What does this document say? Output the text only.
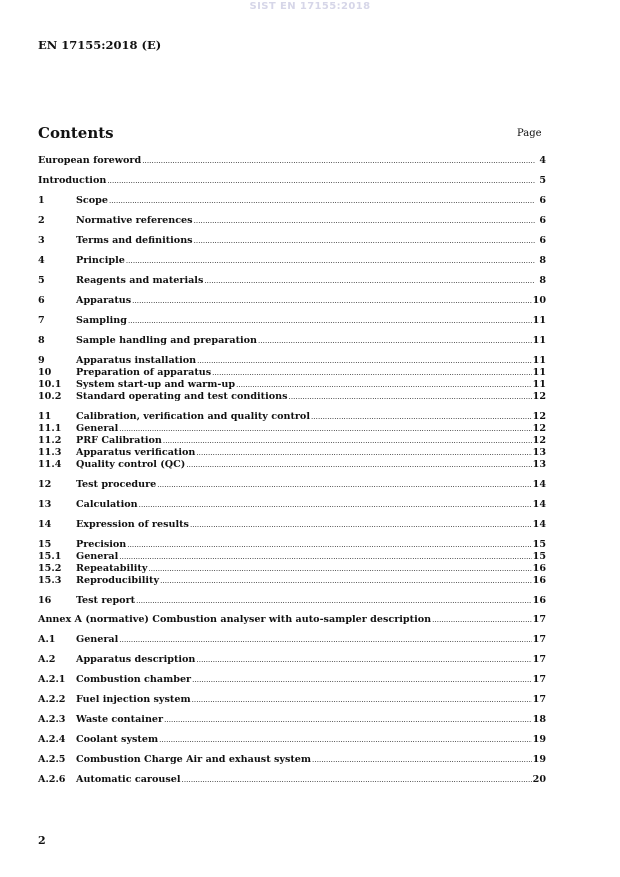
SIST EN 17155:2018
EN 17155:2018 (E)
Contents	Page
European foreword .....	4
Introduction .....	5
1	Scope .....	6
2	Normative references .....	6
3	Terms and definitions .....	6
4	Principle .....	8
5	Reagents and materials .....	8
6	Apparatus .....	10
7	Sampling .....	11
8	Sample handling and preparation .....	11
9	Apparatus installation .....	11
10	Preparation of apparatus .....	11
10.1	System start-up and warm-up .....	11
10.2	Standard operating and test conditions .....	12
11	Calibration, verification and quality control .....	12
11.1	General .....	12
11.2	PRF Calibration .....	12
11.3	Apparatus verification .....	13
11.4	Quality control (QC) .....	13
12	Test procedure .....	14
13	Calculation .....	14
14	Expression of results .....	14
15	Precision .....	15
15.1	General .....	15
15.2	Repeatability .....	16
15.3	Reproducibility .....	16
16	Test report .....	16
Annex A (normative) Combustion analyser with auto-sampler description .....	17
A.1	General .....	17
A.2	Apparatus description .....	17
A.2.1	Combustion chamber .....	17
A.2.2	Fuel injection system .....	17
A.2.3	Waste container .....	18
A.2.4	Coolant system .....	19
A.2.5	Combustion Charge Air and exhaust system .....	19
A.2.6	Automatic carousel .....	20
2
